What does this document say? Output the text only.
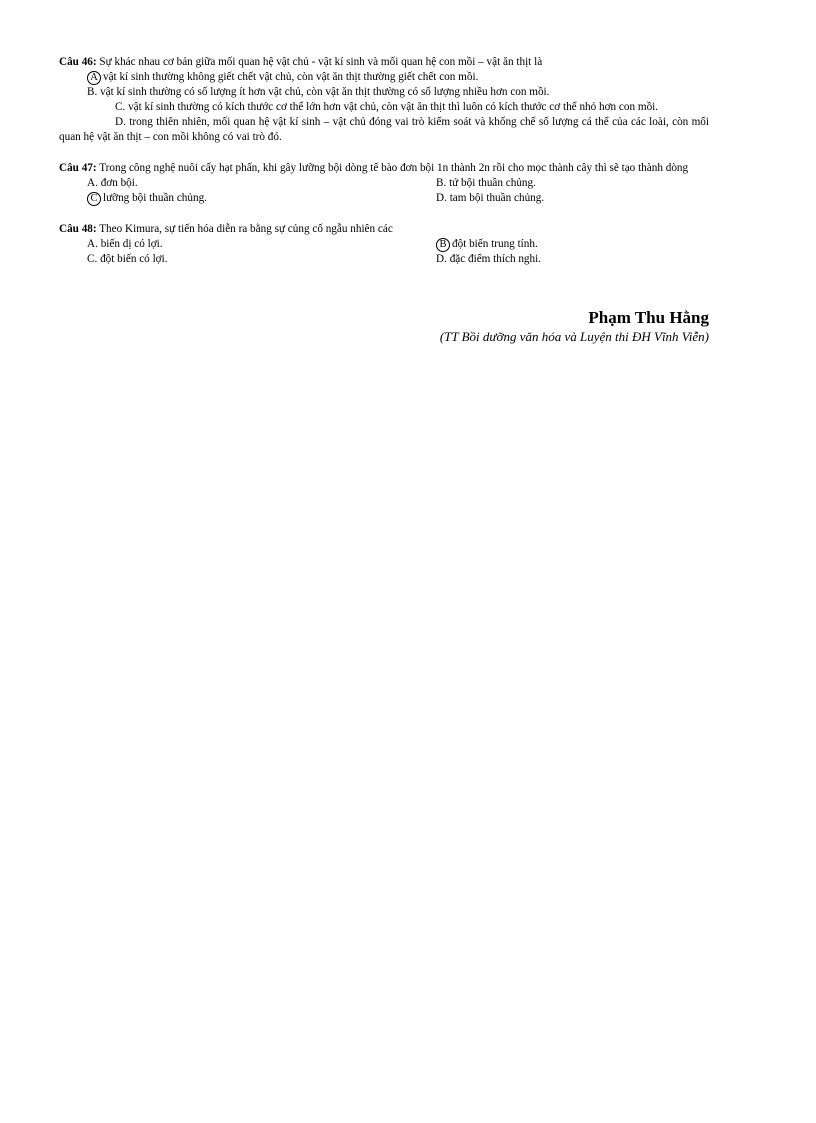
Câu 46: Sự khác nhau cơ bản giữa mối quan hệ vật chủ - vật kí sinh và mối quan hệ con mồi – vật ăn thịt là

A vật kí sinh thường không giết chết vật chủ, còn vật ăn thịt thường giết chết con mồi.

B. vật kí sinh thường có số lượng ít hơn vật chủ, còn vật ăn thịt thường có số lượng nhiều hơn con mồi.

C. vật kí sinh thường có kích thước cơ thể lớn hơn vật chủ, còn vật ăn thịt thì luôn có kích thước cơ thể nhỏ hơn con mồi.

D. trong thiên nhiên, mối quan hệ vật kí sinh – vật chủ đóng vai trò kiểm soát và khống chế số lượng cá thể của các loài, còn mối quan hệ vật ăn thịt – con mồi không có vai trò đó.

Câu 47: Trong công nghệ nuôi cấy hạt phấn, khi gây lưỡng bội dòng tế bào đơn bội 1n thành 2n rồi cho mọc thành cây thì sẽ tạo thành dòng

A. đơn bội.	B. tứ bội thuần chủng.
C lưỡng bội thuần chủng.	D. tam bội thuần chủng.

Câu 48: Theo Kimura, sự tiến hóa diễn ra bằng sự củng cố ngẫu nhiên các

A. biến dị có lợi.	B đột biến trung tính.
C. đột biến có lợi.	D. đặc điểm thích nghi.
Phạm Thu Hằng
(TT Bồi dưỡng văn hóa và Luyện thi ĐH Vĩnh Viễn)
